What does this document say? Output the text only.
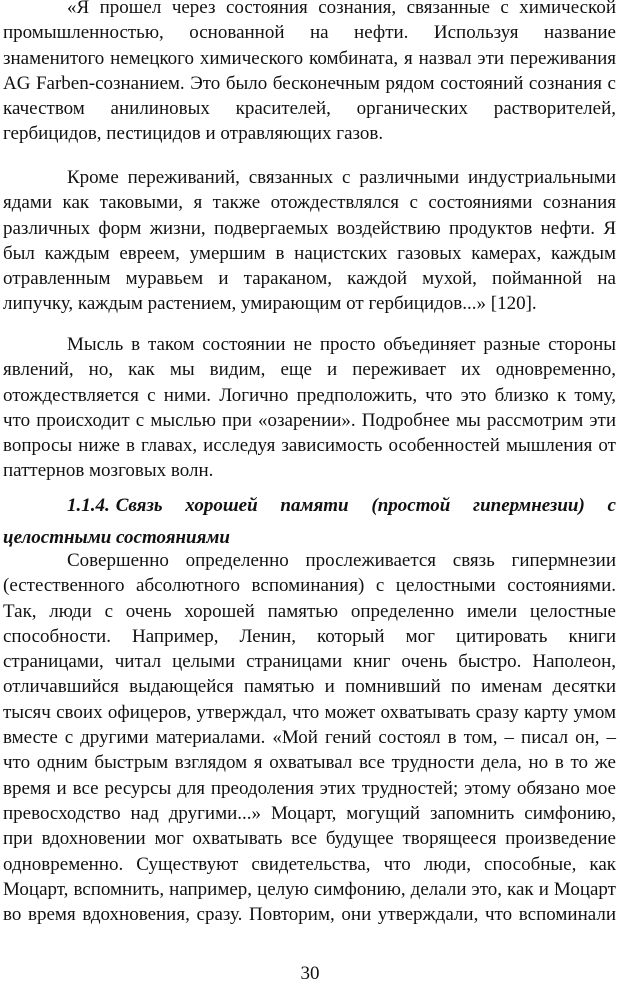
«Я прошел через состояния сознания, связанные с химической промышленностью, основанной на нефти. Используя название знаменитого немецкого химического комбината, я назвал эти переживания AG Farben-сознанием. Это было бесконечным рядом состояний сознания с качеством анилиновых красителей, органических растворителей, гербицидов, пестицидов и отравляющих газов.

Кроме переживаний, связанных с различными индустриальными ядами как таковыми, я также отождествлялся с состояниями сознания различных форм жизни, подвергаемых воздействию продуктов нефти. Я был каждым евреем, умершим в нацистских газовых камерах, каждым отравленным муравьем и тараканом, каждой мухой, пойманной на липучку, каждым растением, умирающим от гербицидов...» [120].

Мысль в таком состоянии не просто объединяет разные стороны явлений, но, как мы видим, еще и переживает их одновременно, отождествляется с ними. Логично предположить, что это близко к тому, что происходит с мыслью при «озарении». Подробнее мы рассмотрим эти вопросы ниже в главах, исследуя зависимость особенностей мышления от паттернов мозговых волн.

1.1.4. Связь хорошей памяти (простой гипермнезии) с целостными состояниями

Совершенно определенно прослеживается связь гипермнезии (естественного абсолютного вспоминания) с целостными состояниями. Так, люди с очень хорошей памятью определенно имели целостные способности. Например, Ленин, который мог цитировать книги страницами, читал целыми страницами книг очень быстро. Наполеон, отличавшийся выдающейся памятью и помнивший по именам десятки тысяч своих офицеров, утверждал, что может охватывать сразу карту умом вместе с другими материалами. «Мой гений состоял в том, – писал он, – что одним быстрым взглядом я охватывал все трудности дела, но в то же время и все ресурсы для преодоления этих трудностей; этому обязано мое превосходство над другими...» Моцарт, могущий запомнить симфонию, при вдохновении мог охватывать все будущее творящееся произведение одновременно. Существуют свидетельства, что люди, способные, как Моцарт, вспомнить, например, целую симфонию, делали это, как и Моцарт во время вдохновения, сразу. Повторим, они утверждали, что вспоминали

30
